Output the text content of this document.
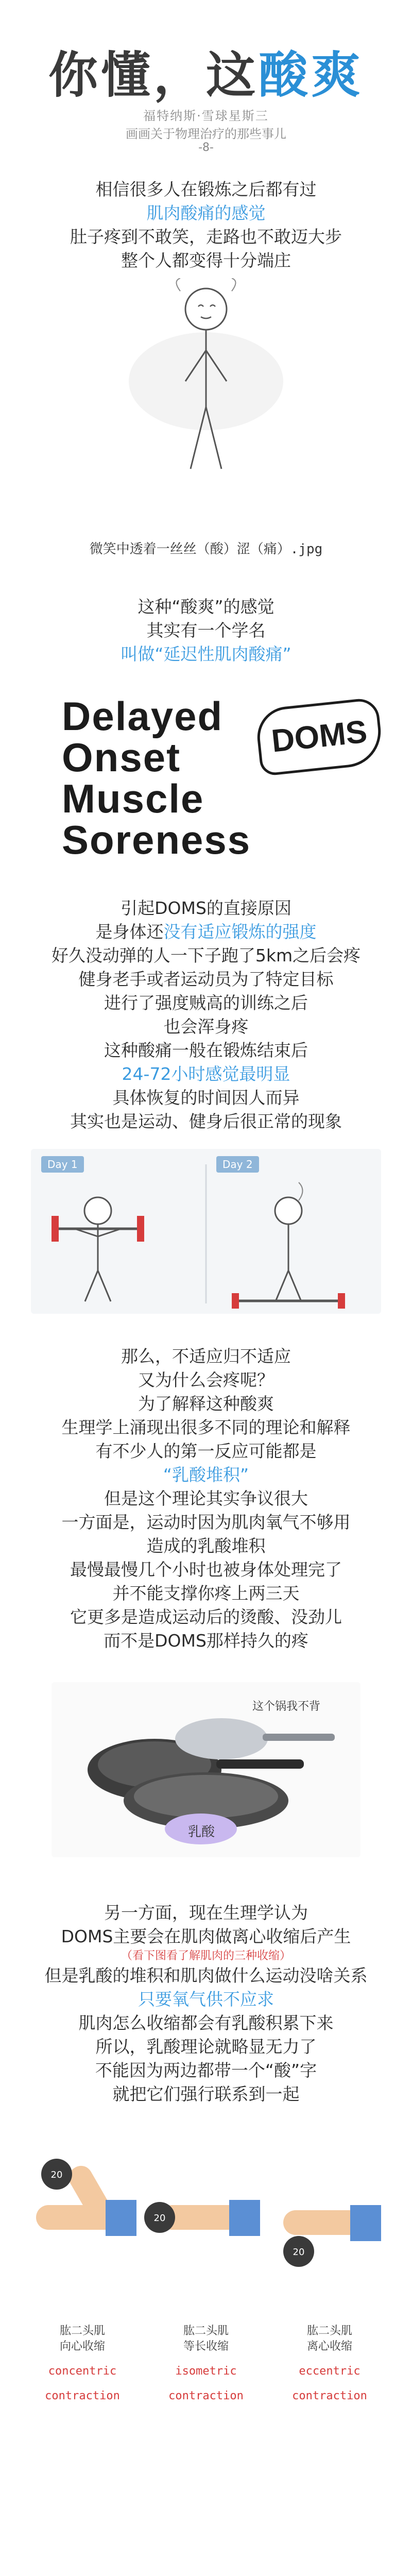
你懂，这酸爽
福特纳斯·雪球星斯三
画画关于物理治疗的那些事儿
-8-
相信很多人在锻炼之后都有过
肌肉酸痛的感觉
肚子疼到不敢笑，走路也不敢迈大步
整个人都变得十分端庄
微笑中透着一丝丝（酸）涩（痛）.jpg
这种“酸爽”的感觉
其实有一个学名
叫做“延迟性肌肉酸痛”
Delayed
Onset
Muscle
Soreness
DOMS
引起DOMS的直接原因
是身体还没有适应锻炼的强度
好久没动弹的人一下子跑了5km之后会疼
健身老手或者运动员为了特定目标
进行了强度贼高的训练之后
也会浑身疼
这种酸痛一般在锻炼结束后
24-72小时感觉最明显
具体恢复的时间因人而异
其实也是运动、健身后很正常的现象
Day 1	Day 2
那么，不适应归不适应
又为什么会疼呢？
为了解释这种酸爽
生理学上涌现出很多不同的理论和解释
有不少人的第一反应可能都是
“乳酸堆积”
但是这个理论其实争议很大
一方面是，运动时因为肌肉氧气不够用
造成的乳酸堆积
最慢最慢几个小时也被身体处理完了
并不能支撑你疼上两三天
它更多是造成运动后的烫酸、没劲儿
而不是DOMS那样持久的疼
这个锅我不背
乳酸
另一方面，现在生理学认为
DOMS主要会在肌肉做离心收缩后产生
（看下图看了解肌肉的三种收缩）
但是乳酸的堆积和肌肉做什么运动没啥关系
只要氧气供不应求
肌肉怎么收缩都会有乳酸积累下来
所以，乳酸理论就略显无力了
不能因为两边都带一个“酸”字
就把它们强行联系到一起
20
20
20
肱二头肌
向心收缩
concentric
contraction
肱二头肌
等长收缩
isometric
contraction
肱二头肌
离心收缩
eccentric
contraction
